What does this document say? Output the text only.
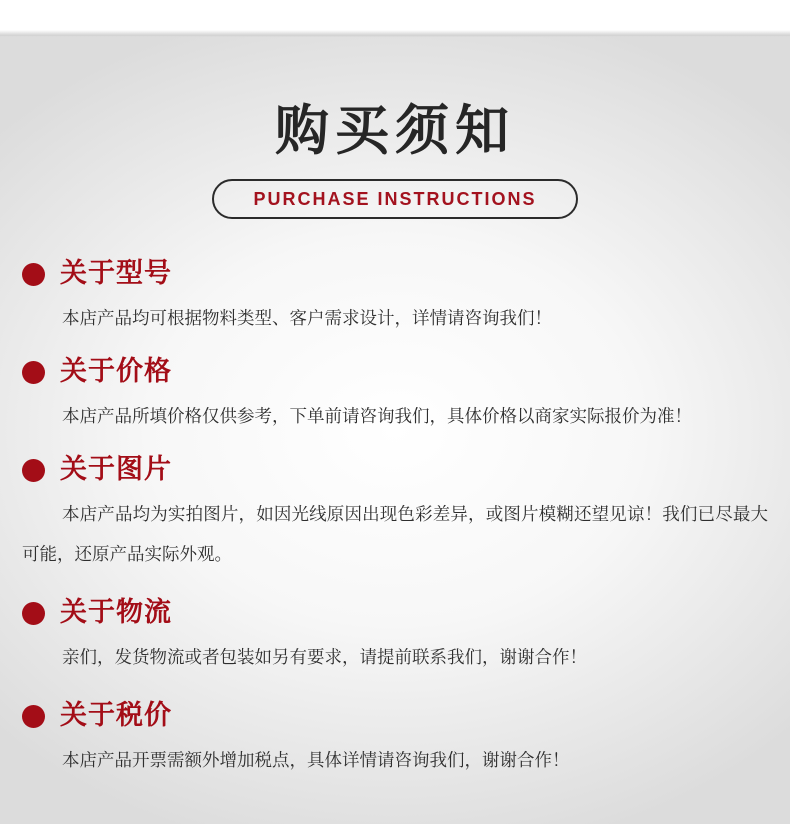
购买须知
PURCHASE INSTRUCTIONS
关于型号
本店产品均可根据物料类型、客户需求设计，详情请咨询我们！
关于价格
本店产品所填价格仅供参考，下单前请咨询我们，具体价格以商家实际报价为准！
关于图片
本店产品均为实拍图片，如因光线原因出现色彩差异，或图片模糊还望见谅！我们已尽最大可能，还原产品实际外观。
关于物流
亲们，发货物流或者包装如另有要求，请提前联系我们，谢谢合作！
关于税价
本店产品开票需额外增加税点，具体详情请咨询我们，谢谢合作！
